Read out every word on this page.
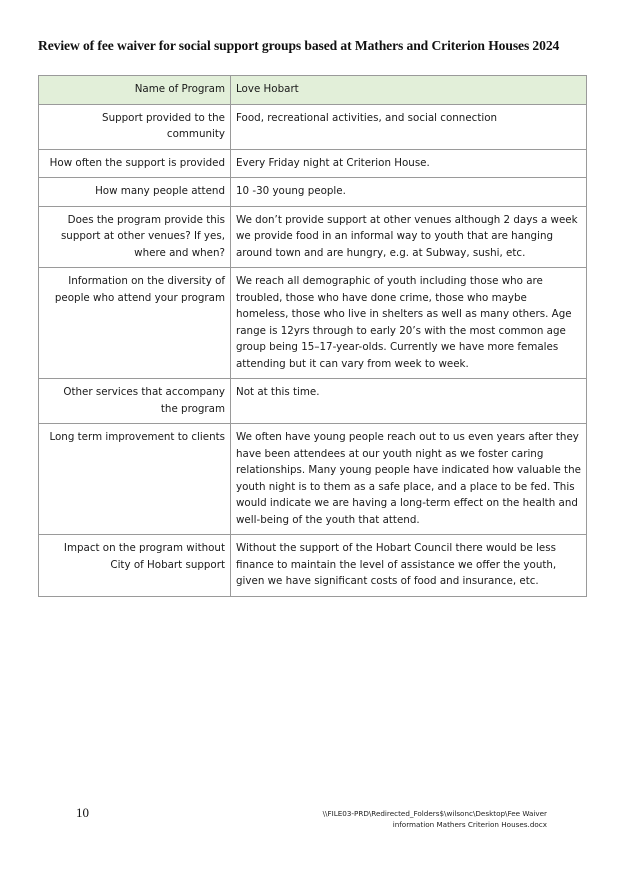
Review of fee waiver for social support groups based at Mathers and Criterion Houses 2024
Name of Program	Love Hobart
Support provided to the community	Food, recreational activities, and social connection
How often the support is provided	Every Friday night at Criterion House.
How many people attend	10 -30 young people.
Does the program provide this support at other venues? If yes, where and when?	We don’t provide support at other venues although 2 days a week we provide food in an informal way to youth that are hanging around town and are hungry, e.g. at Subway, sushi, etc.
Information on the diversity of people who attend your program	We reach all demographic of youth including those who are troubled, those who have done crime, those who maybe homeless, those who live in shelters as well as many others. Age range is 12yrs through to early 20’s with the most common age group being 15–17-year-olds. Currently we have more females attending but it can vary from week to week.
Other services that accompany the program	Not at this time.
Long term improvement to clients	We often have young people reach out to us even years after they have been attendees at our youth night as we foster caring relationships. Many young people have indicated how valuable the youth night is to them as a safe place, and a place to be fed. This would indicate we are having a long-term effect on the health and well-being of the youth that attend.
Impact on the program without City of Hobart support	Without the support of the Hobart Council there would be less finance to maintain the level of assistance we offer the youth, given we have significant costs of food and insurance, etc.
10	\\FILE03-PRD\Redirected_Folders$\wilsonc\Desktop\Fee Waiver
information Mathers Criterion Houses.docx
